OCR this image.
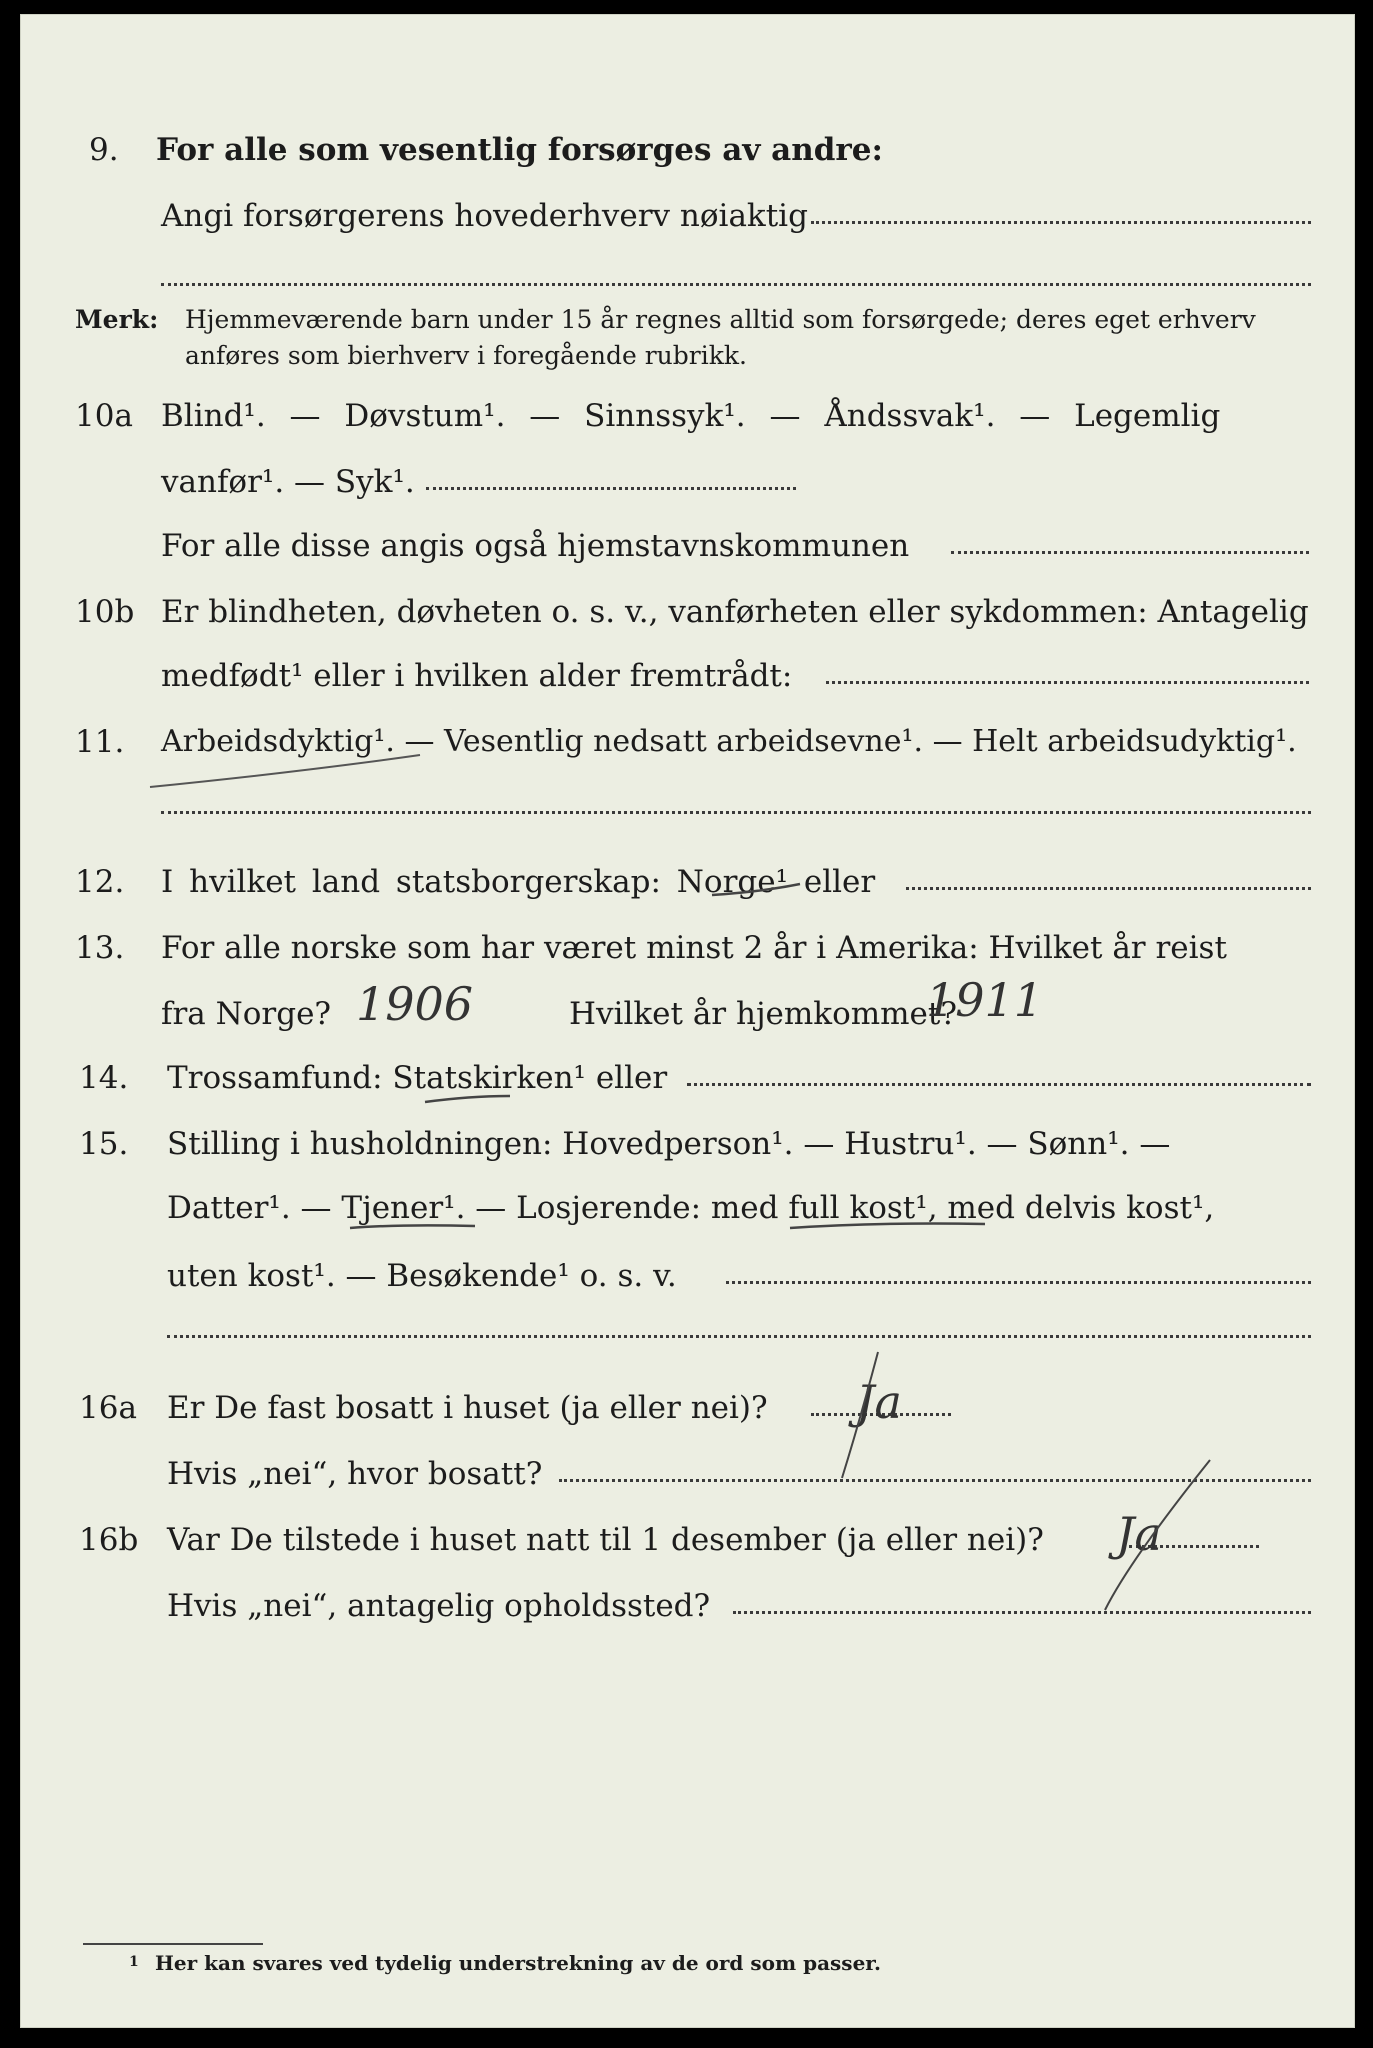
9. For alle som vesentlig forsørges av andre:
Angi forsørgerens hovederhverv nøiaktig
Merk: Hjemmeværende barn under 15 år regnes alltid som forsørgede; deres eget erhverv
anføres som bierhverv i foregående rubrikk.
10a Blind¹. — Døvstum¹. — Sinnssyk¹. — Åndssvak¹. — Legemlig
vanfør¹. — Syk¹.
For alle disse angis også hjemstavnskommunen
10b Er blindheten, døvheten o. s. v., vanførheten eller sykdommen: Antagelig
medfødt¹ eller i hvilken alder fremtrådt:
11. Arbeidsdyktig¹. — Vesentlig nedsatt arbeidsevne¹. — Helt arbeidsudyktig¹.
12. I hvilket land statsborgerskap: Norge¹ eller
13. For alle norske som har været minst 2 år i Amerika: Hvilket år reist
fra Norge? 1906	Hvilket år hjemkommet?
1911
14. Trossamfund: Statskirken¹ eller
15. Stilling i husholdningen: Hovedperson¹. — Hustru¹. — Sønn¹. —
Datter¹. — Tjener¹. — Losjerende: med full kost¹, med delvis kost¹,
uten kost¹. — Besøkende¹ o. s. v.
16a Er De fast bosatt i huset (ja eller nei)? Ja
Hvis „nei“, hvor bosatt?
16b Var De tilstede i huset natt til 1 desember (ja eller nei)? Ja
Hvis „nei“, antagelig opholdssted?
1 Her kan svares ved tydelig understrekning av de ord som passer.
